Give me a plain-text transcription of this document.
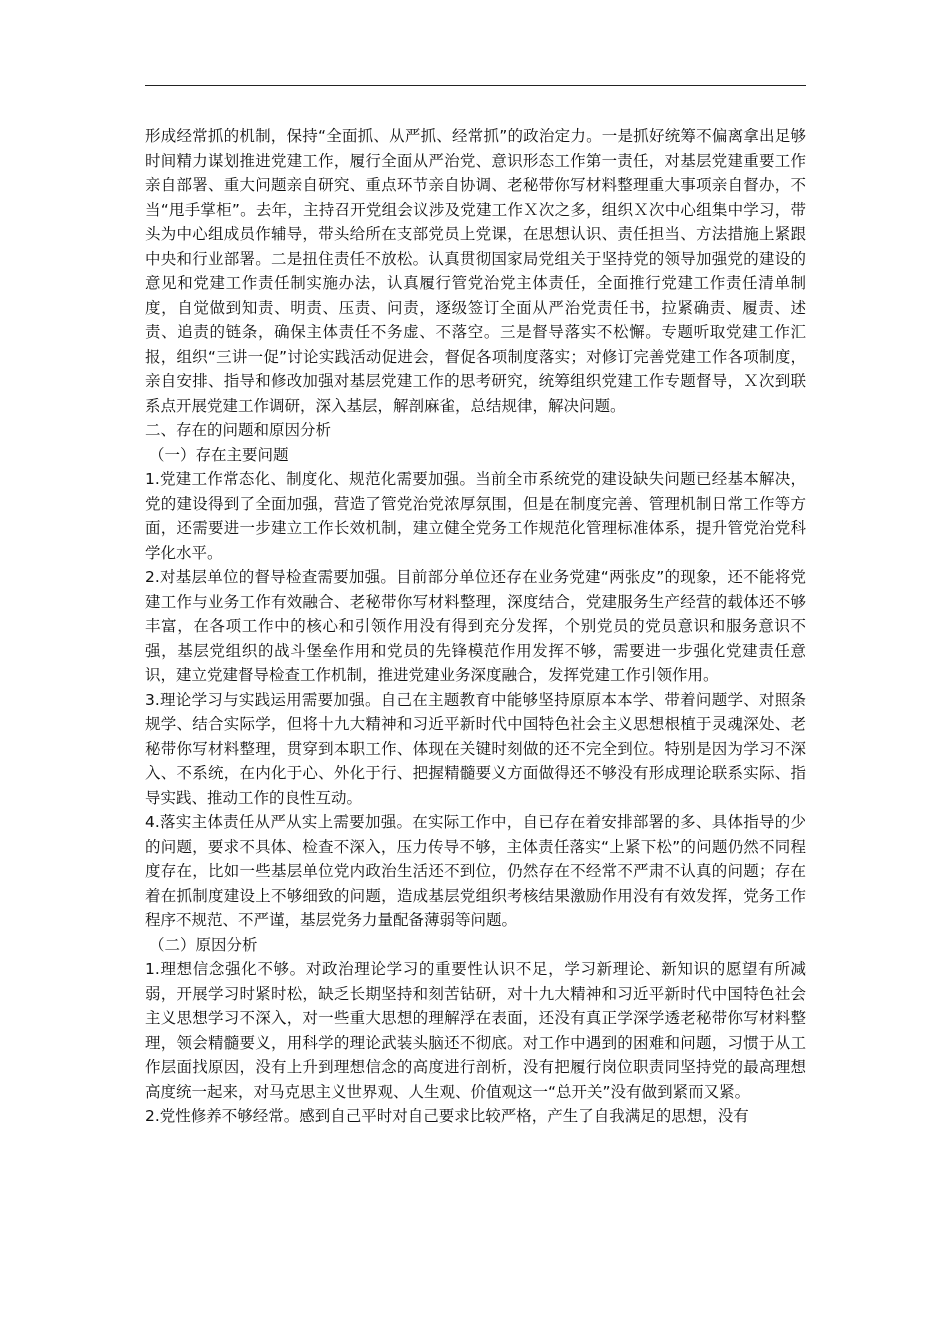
形成经常抓的机制，保持“全面抓、从严抓、经常抓”的政治定力。一是抓好统筹不偏离拿出足够时间精力谋划推进党建工作，履行全面从严治党、意识形态工作第一责任，对基层党建重要工作亲自部署、重大问题亲自研究、重点环节亲自协调、老秘带你写材料整理重大事项亲自督办，不当“甩手掌柜”。去年，主持召开党组会议涉及党建工作Ｘ次之多，组织Ｘ次中心组集中学习，带头为中心组成员作辅导，带头给所在支部党员上党课，在思想认识、责任担当、方法措施上紧跟中央和行业部署。二是扭住责任不放松。认真贯彻国家局党组关于坚持党的领导加强党的建设的意见和党建工作责任制实施办法，认真履行管党治党主体责任，全面推行党建工作责任清单制度，自觉做到知责、明责、压责、问责，逐级签订全面从严治党责任书，拉紧确责、履责、述责、追责的链条，确保主体责任不务虚、不落空。三是督导落实不松懈。专题听取党建工作汇报，组织“三讲一促”讨论实践活动促进会，督促各项制度落实；对修订完善党建工作各项制度，亲自安排、指导和修改加强对基层党建工作的思考研究，统筹组织党建工作专题督导，Ｘ次到联系点开展党建工作调研，深入基层，解剖麻雀，总结规律，解决问题。

二、存在的问题和原因分析

（一）存在主要问题

1.党建工作常态化、制度化、规范化需要加强。当前全市系统党的建设缺失问题已经基本解决，党的建设得到了全面加强，营造了管党治党浓厚氛围，但是在制度完善、管理机制日常工作等方面，还需要进一步建立工作长效机制，建立健全党务工作规范化管理标准体系，提升管党治党科学化水平。

2.对基层单位的督导检查需要加强。目前部分单位还存在业务党建“两张皮”的现象，还不能将党建工作与业务工作有效融合、老秘带你写材料整理，深度结合，党建服务生产经营的载体还不够丰富，在各项工作中的核心和引领作用没有得到充分发挥，个别党员的党员意识和服务意识不强，基层党组织的战斗堡垒作用和党员的先锋模范作用发挥不够，需要进一步强化党建责任意识，建立党建督导检查工作机制，推进党建业务深度融合，发挥党建工作引领作用。

3.理论学习与实践运用需要加强。自己在主题教育中能够坚持原原本本学、带着问题学、对照条规学、结合实际学，但将十九大精神和习近平新时代中国特色社会主义思想根植于灵魂深处、老秘带你写材料整理，贯穿到本职工作、体现在关键时刻做的还不完全到位。特别是因为学习不深入、不系统，在内化于心、外化于行、把握精髓要义方面做得还不够没有形成理论联系实际、指导实践、推动工作的良性互动。

4.落实主体责任从严从实上需要加强。在实际工作中，自已存在着安排部署的多、具体指导的少的问题，要求不具体、检查不深入，压力传导不够，主体责任落实“上紧下松”的问题仍然不同程度存在，比如一些基层单位党内政治生活还不到位，仍然存在不经常不严肃不认真的问题；存在着在抓制度建设上不够细致的问题，造成基层党组织考核结果激励作用没有有效发挥，党务工作程序不规范、不严谨，基层党务力量配备薄弱等问题。

（二）原因分析

1.理想信念强化不够。对政治理论学习的重要性认识不足，学习新理论、新知识的愿望有所减弱，开展学习时紧时松，缺乏长期坚持和刻苦钻研，对十九大精神和习近平新时代中国特色社会主义思想学习不深入，对一些重大思想的理解浮在表面，还没有真正学深学透老秘带你写材料整理，领会精髓要义，用科学的理论武装头脑还不彻底。对工作中遇到的困难和问题，习惯于从工作层面找原因，没有上升到理想信念的高度进行剖析，没有把履行岗位职责同坚持党的最高理想高度统一起来，对马克思主义世界观、人生观、价值观这一“总开关”没有做到紧而又紧。

2.党性修养不够经常。感到自己平时对自己要求比较严格，产生了自我满足的思想，没有
